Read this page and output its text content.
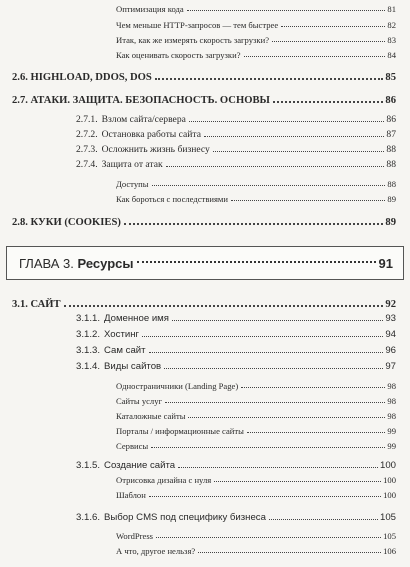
Оптимизация кода	81
Чем меньше HTTP-запросов — тем быстрее	82
Итак, как же измерять скорость загрузки?	83
Как оценивать скорость загрузки?	84
2.6. HIGHLOAD, DDOS, DOS	85
2.7. АТАКИ. ЗАЩИТА. БЕЗОПАСНОСТЬ. ОСНОВЫ	86
2.7.1. Взлом сайта/сервера	86
2.7.2. Остановка работы сайта	87
2.7.3. Осложнить жизнь бизнесу	88
2.7.4. Защита от атак	88
Доступы	88
Как бороться с последствиями	89
2.8. КУКИ (COOKIES)	89
ГЛАВА 3. Ресурсы	91
3.1. САЙТ	92
3.1.1. Доменное имя	93
3.1.2. Хостинг	94
3.1.3. Сам сайт	96
3.1.4. Виды сайтов	97
Одностраничники (Landing Page)	98
Сайты услуг	98
Каталожные сайты	98
Порталы / информационные сайты	99
Сервисы	99
3.1.5. Создание сайта	100
Отрисовка дизайна с нуля	100
Шаблон	100
3.1.6. Выбор CMS под специфику бизнеса	105
WordPress	105
А что, другое нельзя?	106
